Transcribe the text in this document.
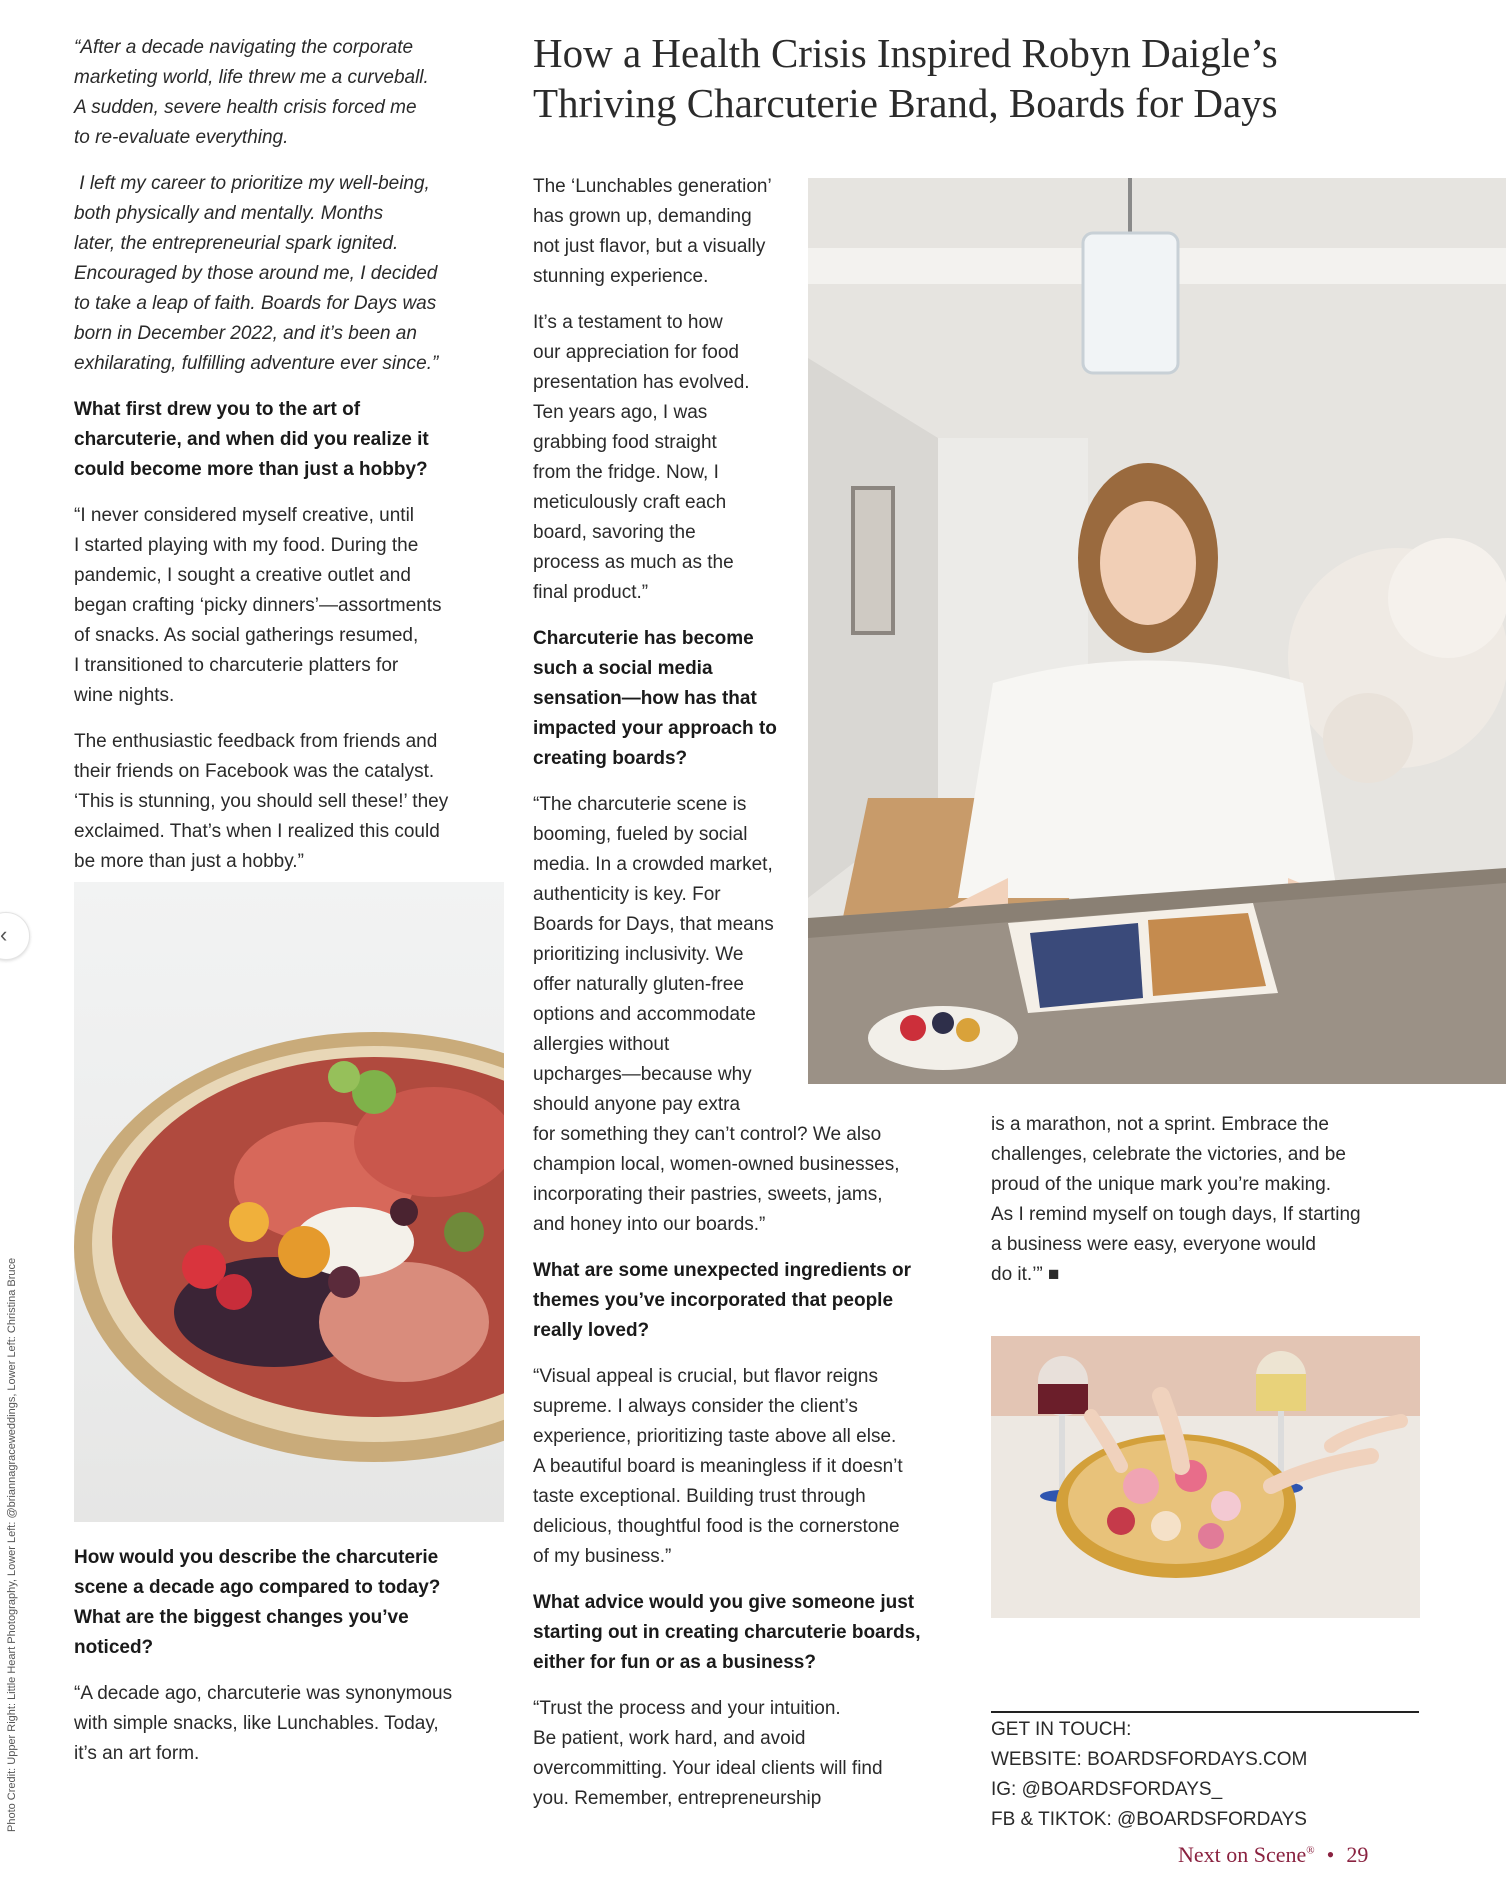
How a Health Crisis Inspired Robyn Daigle’s
Thriving Charcuterie Brand, Boards for Days

“After a decade navigating the corporate
marketing world, life threw me a curveball.
A sudden, severe health crisis forced me
to re-evaluate everything.

I left my career to prioritize my well-being,
both physically and mentally. Months
later, the entrepreneurial spark ignited.
Encouraged by those around me, I decided
to take a leap of faith. Boards for Days was
born in December 2022, and it’s been an
exhilarating, fulfilling adventure ever since.”

What first drew you to the art of
charcuterie, and when did you realize it
could become more than just a hobby?

“I never considered myself creative, until
I started playing with my food. During the
pandemic, I sought a creative outlet and
began crafting ‘picky dinners’—assortments
of snacks. As social gatherings resumed,
I transitioned to charcuterie platters for
wine nights.

The enthusiastic feedback from friends and
their friends on Facebook was the catalyst.
‘This is stunning, you should sell these!’ they
exclaimed. That’s when I realized this could
be more than just a hobby.”

How would you describe the charcuterie
scene a decade ago compared to today?
What are the biggest changes you’ve
noticed?

“A decade ago, charcuterie was synonymous
with simple snacks, like Lunchables. Today,
it’s an art form.

The ‘Lunchables generation’
has grown up, demanding
not just flavor, but a visually
stunning experience.

It’s a testament to how
our appreciation for food
presentation has evolved.
Ten years ago, I was
grabbing food straight
from the fridge. Now, I
meticulously craft each
board, savoring the
process as much as the
final product.”

Charcuterie has become
such a social media
sensation—how has that
impacted your approach to
creating boards?

“The charcuterie scene is
booming, fueled by social
media. In a crowded market,
authenticity is key. For
Boards for Days, that means
prioritizing inclusivity. We
offer naturally gluten-free
options and accommodate
allergies without
upcharges—because why
should anyone pay extra
for something they can’t control? We also
champion local, women-owned businesses,
incorporating their pastries, sweets, jams,
and honey into our boards.”

What are some unexpected ingredients or
themes you’ve incorporated that people
really loved?

“Visual appeal is crucial, but flavor reigns
supreme. I always consider the client’s
experience, prioritizing taste above all else.
A beautiful board is meaningless if it doesn’t
taste exceptional. Building trust through
delicious, thoughtful food is the cornerstone
of my business.”

What advice would you give someone just
starting out in creating charcuterie boards,
either for fun or as a business?

“Trust the process and your intuition.
Be patient, work hard, and avoid
overcommitting. Your ideal clients will find
you. Remember, entrepreneurship

is a marathon, not a sprint. Embrace the
challenges, celebrate the victories, and be
proud of the unique mark you’re making.
As I remind myself on tough days, If starting
a business were easy, everyone would
do it.’” ■

GET IN TOUCH:
WEBSITE: BOARDSFORDAYS.COM
IG: @BOARDSFORDAYS_
FB & TIKTOK: @BOARDSFORDAYS

Photo Credit: Upper Right: Little Heart Photography, Lower Left: @briannagraceweddings, Lower Left: Christina Bruce
‹
Next on Scene® • 29
